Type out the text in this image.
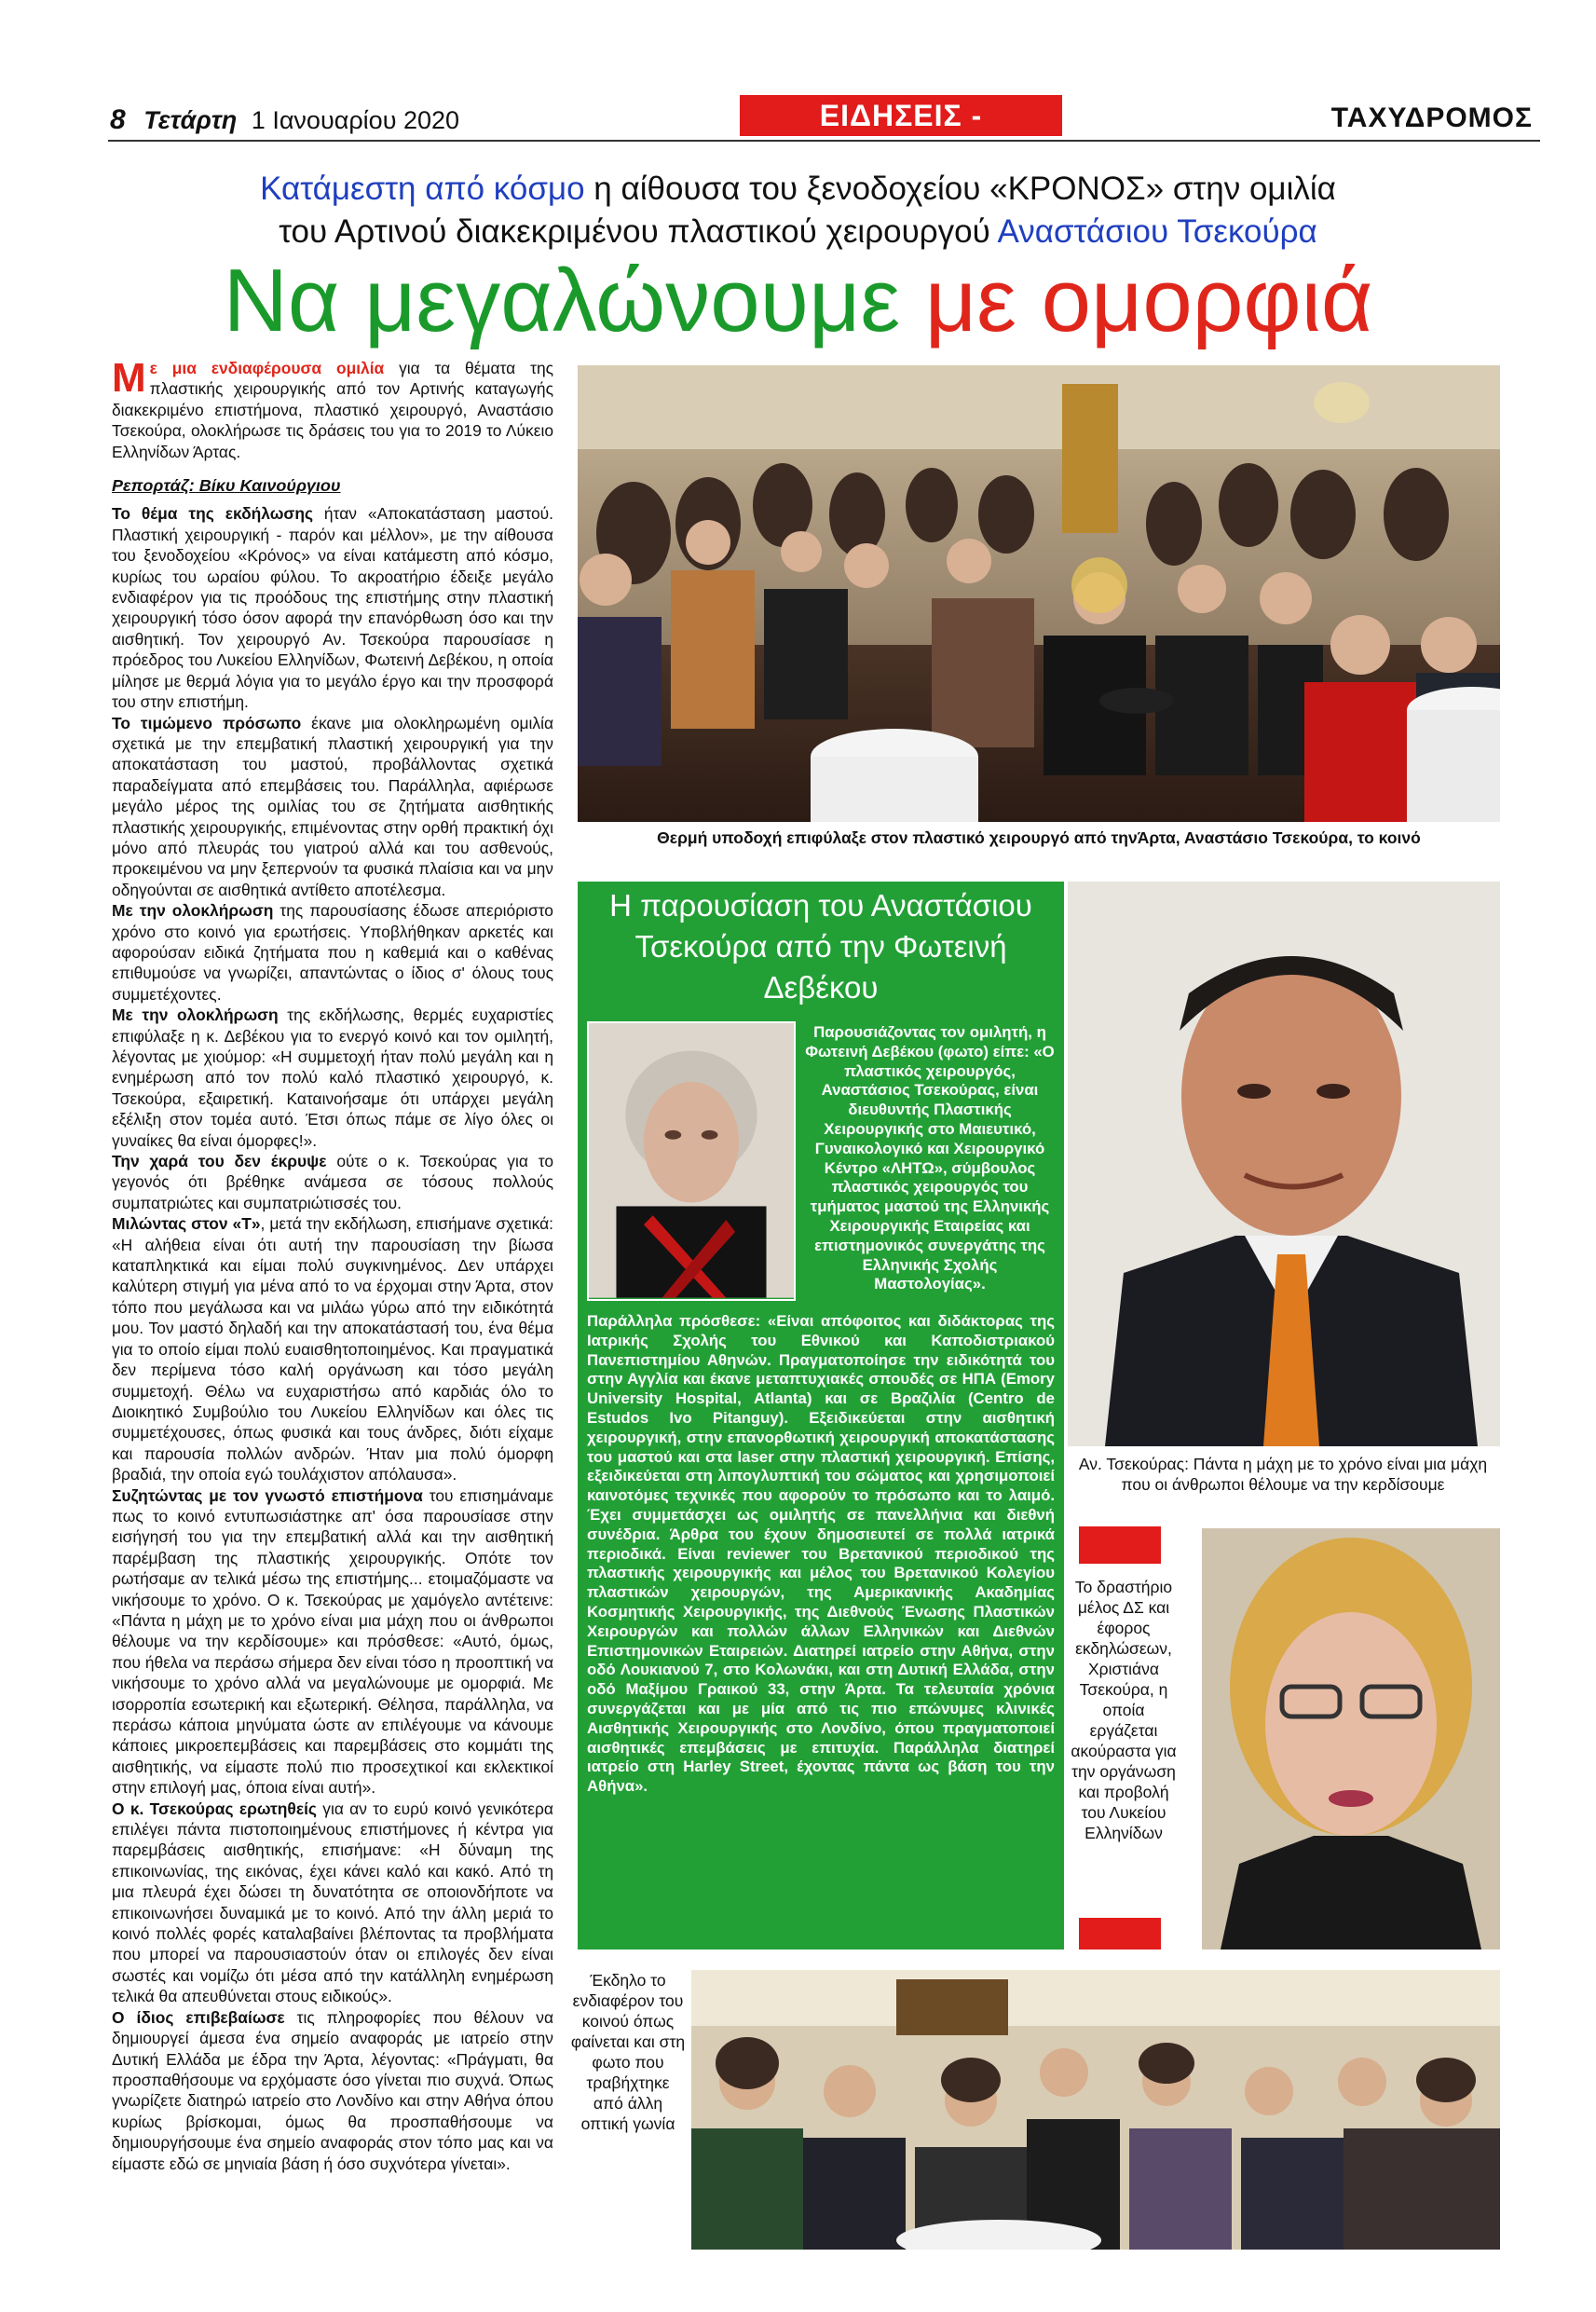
8 Τετάρτη 1 Ιανουαρίου 2020	ΕΙΔΗΣΕΙΣ - ΡΕΠΟΡΤΑΖ
ΤΑΧΥΔΡΟΜΟΣ
Κατάμεστη από κόσμο η αίθουσα του ξενοδοχείου «ΚΡΟΝΟΣ» στην ομιλία
του Αρτινού διακεκριμένου πλαστικού χειρουργού Αναστάσιου Τσεκούρα
Να μεγαλώνουμε με ομορφιά

Με μια ενδιαφέρουσα ομιλία για τα θέματα της πλαστικής χειρουργικής από τον Αρτινής καταγωγής διακεκριμένο επιστήμονα, πλαστικό χειρουργό, Αναστάσιο Τσεκούρα, ολοκλήρωσε τις δράσεις του για το 2019 το Λύκειο Ελληνίδων Άρτας.

Ρεπορτάζ: Βίκυ Καινούργιου

Το θέμα της εκδήλωσης ήταν «Αποκατάσταση μαστού. Πλαστική χειρουργική - παρόν και μέλλον», με την αίθουσα του ξενοδοχείου «Κρόνος» να είναι κατάμεστη από κόσμο, κυρίως του ωραίου φύλου. Το ακροατήριο έδειξε μεγάλο ενδιαφέρον για τις προόδους της επιστήμης στην πλαστική χειρουργική τόσο όσον αφορά την επανόρθωση όσο και την αισθητική. Τον χειρουργό Αν. Τσεκούρα παρουσίασε η πρόεδρος του Λυκείου Ελληνίδων, Φωτεινή Δεβέκου, η οποία μίλησε με θερμά λόγια για το μεγάλο έργο και την προσφορά του στην επιστήμη.

Το τιμώμενο πρόσωπο έκανε μια ολοκληρωμένη ομιλία σχετικά με την επεμβατική πλαστική χειρουργική για την αποκατάσταση του μαστού, προβάλλοντας σχετικά παραδείγματα από επεμβάσεις του. Παράλληλα, αφιέρωσε μεγάλο μέρος της ομιλίας του σε ζητήματα αισθητικής πλαστικής χειρουργικής, επιμένοντας στην ορθή πρακτική όχι μόνο από πλευράς του γιατρού αλλά και του ασθενούς, προκειμένου να μην ξεπερνούν τα φυσικά πλαίσια και να μην οδηγούνται σε αισθητικά αντίθετο αποτέλεσμα.

Με την ολοκλήρωση της παρουσίασης έδωσε απεριόριστο χρόνο στο κοινό για ερωτήσεις. Υποβλήθηκαν αρκετές και αφορούσαν ειδικά ζητήματα που η καθεμιά και ο καθένας επιθυμούσε να γνωρίζει, απαντώντας ο ίδιος σ' όλους τους συμμετέχοντες.

Με την ολοκλήρωση της εκδήλωσης, θερμές ευχαριστίες επιφύλαξε η κ. Δεβέκου για το ενεργό κοινό και τον ομιλητή, λέγοντας με χιούμορ: «Η συμμετοχή ήταν πολύ μεγάλη και η ενημέρωση από τον πολύ καλό πλαστικό χειρουργό, κ. Τσεκούρα, εξαιρετική. Καταινοήσαμε ότι υπάρχει μεγάλη εξέλιξη στον τομέα αυτό. Έτσι όπως πάμε σε λίγο όλες οι γυναίκες θα είναι όμορφες!».

Την χαρά του δεν έκρυψε ούτε ο κ. Τσεκούρας για το γεγονός ότι βρέθηκε ανάμεσα σε τόσους πολλούς συμπατριώτες και συμπατριώτισσές του.

Μιλώντας στον «Τ», μετά την εκδήλωση, επισήμανε σχετικά: «Η αλήθεια είναι ότι αυτή την παρουσίαση την βίωσα καταπληκτικά και είμαι πολύ συγκινημένος. Δεν υπάρχει καλύτερη στιγμή για μένα από το να έρχομαι στην Άρτα, στον τόπο που μεγάλωσα και να μιλάω γύρω από την ειδικότητά μου. Τον μαστό δηλαδή και την αποκατάστασή του, ένα θέμα για το οποίο είμαι πολύ ευαισθητοποιημένος. Και πραγματικά δεν περίμενα τόσο καλή οργάνωση και τόσο μεγάλη συμμετοχή. Θέλω να ευχαριστήσω από καρδιάς όλο το Διοικητικό Συμβούλιο του Λυκείου Ελληνίδων και όλες τις συμμετέχουσες, όπως φυσικά και τους άνδρες, διότι είχαμε και παρουσία πολλών ανδρών. Ήταν μια πολύ όμορφη βραδιά, την οποία εγώ τουλάχιστον απόλαυσα».

Συζητώντας με τον γνωστό επιστήμονα του επισημάναμε πως το κοινό εντυπωσιάστηκε απ' όσα παρουσίασε στην εισήγησή του για την επεμβατική αλλά και την αισθητική παρέμβαση της πλαστικής χειρουργικής. Οπότε τον ρωτήσαμε αν τελικά μέσω της επιστήμης... ετοιμαζόμαστε να νικήσουμε το χρόνο. Ο κ. Τσεκούρας με χαμόγελο αντέτεινε: «Πάντα η μάχη με το χρόνο είναι μια μάχη που οι άνθρωποι θέλουμε να την κερδίσουμε» και πρόσθεσε: «Αυτό, όμως, που ήθελα να περάσω σήμερα δεν είναι τόσο η προοπτική να νικήσουμε το χρόνο αλλά να μεγαλώνουμε με ομορφιά. Με ισορροπία εσωτερική και εξωτερική. Θέλησα, παράλληλα, να περάσω κάποια μηνύματα ώστε αν επιλέγουμε να κάνουμε κάποιες μικροεπεμβάσεις και παρεμβάσεις στο κομμάτι της αισθητικής, να είμαστε πολύ πιο προσεχτικοί και εκλεκτικοί στην επιλογή μας, όποια είναι αυτή».

Ο κ. Τσεκούρας ερωτηθείς για αν το ευρύ κοινό γενικότερα επιλέγει πάντα πιστοποιημένους επιστήμονες ή κέντρα για παρεμβάσεις αισθητικής, επισήμανε: «Η δύναμη της επικοινωνίας, της εικόνας, έχει κάνει καλό και κακό. Από τη μια πλευρά έχει δώσει τη δυνατότητα σε οποιονδήποτε να επικοινωνήσει δυναμικά με το κοινό. Από την άλλη μεριά το κοινό πολλές φορές καταλαβαίνει βλέποντας τα προβλήματα που μπορεί να παρουσιαστούν όταν οι επιλογές δεν είναι σωστές και νομίζω ότι μέσα από την κατάλληλη ενημέρωση τελικά θα απευθύνεται στους ειδικούς».

Ο ίδιος επιβεβαίωσε τις πληροφορίες που θέλουν να δημιουργεί άμεσα ένα σημείο αναφοράς με ιατρείο στην Δυτική Ελλάδα με έδρα την Άρτα, λέγοντας: «Πράγματι, θα προσπαθήσουμε να ερχόμαστε όσο γίνεται πιο συχνά. Όπως γνωρίζετε διατηρώ ιατρείο στο Λονδίνο και στην Αθήνα όπου κυρίως βρίσκομαι, όμως θα προσπαθήσουμε να δημιουργήσουμε ένα σημείο αναφοράς στον τόπο μας και να είμαστε εδώ σε μηνιαία βάση ή όσο συχνότερα γίνεται».

Θερμή υποδοχή επιφύλαξε στον πλαστικό χειρουργό από τηνΆρτα, Αναστάσιο Τσεκούρα, το κοινό
Η παρουσίαση του Αναστάσιου Τσεκούρα από την Φωτεινή Δεβέκου
Παρουσιάζοντας τον ομιλητή, η Φωτεινή Δεβέκου (φωτο) είπε: «Ο πλαστικός χειρουργός, Αναστάσιος Τσεκούρας, είναι διευθυντής Πλαστικής Χειρουργικής στο Μαιευτικό, Γυναικολογικό και Χειρουργικό Κέντρο «ΛΗΤΩ», σύμβουλος πλαστικός χειρουργός του τμήματος μαστού της Ελληνικής Χειρουργικής Εταιρείας και επιστημονικός συνεργάτης της Ελληνικής Σχολής Μαστολογίας».
Παράλληλα πρόσθεσε: «Είναι απόφοιτος και διδάκτορας της Ιατρικής Σχολής του Εθνικού και Καποδιστριακού Πανεπιστημίου Αθηνών. Πραγματοποίησε την ειδικότητά του στην Αγγλία και έκανε μεταπτυχιακές σπουδές σε ΗΠΑ (Emory University Hospital, Atlanta) και σε Βραζιλία (Centro de Estudos Ivo Pitanguy). Εξειδικεύεται στην αισθητική χειρουργική, στην επανορθωτική χειρουργική αποκατάστασης του μαστού και στα laser στην πλαστική χειρουργική. Επίσης, εξειδικεύεται στη λιπογλυπτική του σώματος και χρησιμοποιεί καινοτόμες τεχνικές που αφορούν το πρόσωπο και το λαιμό. Έχει συμμετάσχει ως ομιλητής σε πανελλήνια και διεθνή συνέδρια. Άρθρα του έχουν δημοσιευτεί σε πολλά ιατρικά περιοδικά. Είναι reviewer του Βρετανικού περιοδικού της πλαστικής χειρουργικής και μέλος του Βρετανικού Κολεγίου πλαστικών χειρουργών, της Αμερικανικής Ακαδημίας Κοσμητικής Χειρουργικής, της Διεθνούς Ένωσης Πλαστικών Χειρουργών και πολλών άλλων Ελληνικών και Διεθνών Επιστημονικών Εταιρειών. Διατηρεί ιατρείο στην Αθήνα, στην οδό Λουκιανού 7, στο Κολωνάκι, και στη Δυτική Ελλάδα, στην οδό Μαξίμου Γραικού 33, στην Άρτα. Τα τελευταία χρόνια συνεργάζεται και με μία από τις πιο επώνυμες κλινικές Αισθητικής Χειρουργικής στο Λονδίνο, όπου πραγματοποιεί αισθητικές επεμβάσεις με επιτυχία. Παράλληλα διατηρεί ιατρείο στη Harley Street, έχοντας πάντα ως βάση του την Αθήνα».
Αν. Τσεκούρας: Πάντα η μάχη με το χρόνο είναι μια μάχη που οι άνθρωποι θέλουμε να την κερδίσουμε
Το δραστήριο μέλος ΔΣ και έφορος εκδηλώσεων, Χριστιάνα Τσεκούρα, η οποία εργάζεται ακούραστα για την οργάνωση και προβολή του Λυκείου Ελληνίδων
Έκδηλο το ενδιαφέρον του κοινού όπως φαίνεται και στη φωτο που τραβήχτηκε από άλλη οπτική γωνία
